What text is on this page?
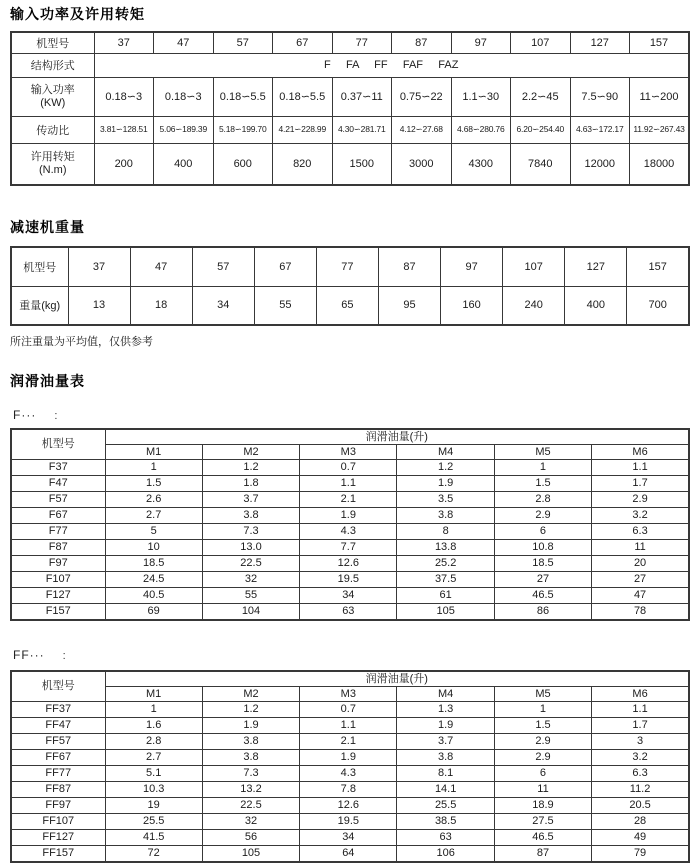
输入功率及许用转矩
机型号	37	47	57	67	77	87	97	107	127	157
结构形式	F     FA     FF     FAF     FAZ									

输入功率
(KW)	0.18∽3	0.18∽3	0.18∽5.5	0.18∽5.5	0.37∽11	0.75∽22	1.1∽30	2.2∽45	7.5∽90	11∽200
传动比	3.81∽128.51	5.06∽189.39	5.18∽199.70	4.21∽228.99	4.30∽281.71	4.12∽27.68	4.68∽280.76	6.20∽254.40	4.63∽172.17	11.92∽267.43

许用转矩
(N.m)	200	400	600	820	1500	3000	4300	7840	12000	18000
减速机重量
机型号	37	47	57	67	77	87	97	107	127	157
重量(kg)	13	18	34	55	65	95	160	240	400	700

所注重量为平均值，仅供参考

润滑油量表
F··· :
机型号	润滑油量(升)					
	M1	M2	M3	M4	M5	M6
F37	1	1.2	0.7	1.2	1	1.1
F47	1.5	1.8	1.1	1.9	1.5	1.7
F57	2.6	3.7	2.1	3.5	2.8	2.9
F67	2.7	3.8	1.9	3.8	2.9	3.2
F77	5	7.3	4.3	8	6	6.3
F87	10	13.0	7.7	13.8	10.8	11
F97	18.5	22.5	12.6	25.2	18.5	20
F107	24.5	32	19.5	37.5	27	27
F127	40.5	55	34	61	46.5	47
F157	69	104	63	105	86	78
FF··· :
机型号	润滑油量(升)					
	M1	M2	M3	M4	M5	M6
FF37	1	1.2	0.7	1.3	1	1.1
FF47	1.6	1.9	1.1	1.9	1.5	1.7
FF57	2.8	3.8	2.1	3.7	2.9	3
FF67	2.7	3.8	1.9	3.8	2.9	3.2
FF77	5.1	7.3	4.3	8.1	6	6.3
FF87	10.3	13.2	7.8	14.1	11	11.2
FF97	19	22.5	12.6	25.5	18.9	20.5
FF107	25.5	32	19.5	38.5	27.5	28
FF127	41.5	56	34	63	46.5	49
FF157	72	105	64	106	87	79
